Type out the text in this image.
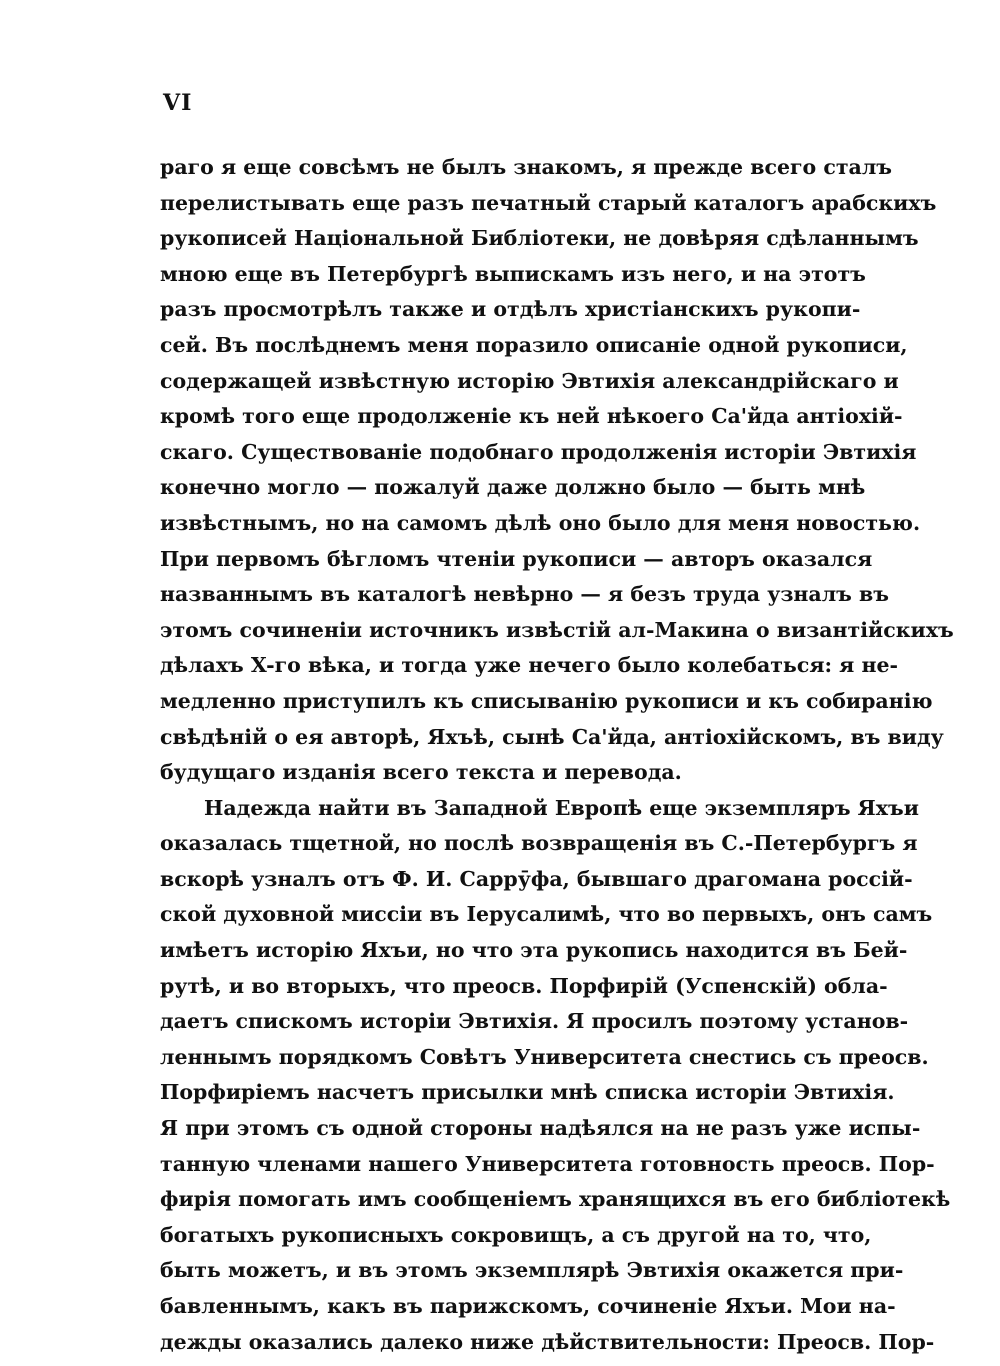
VI
раго я еще совсѣмъ не былъ знакомъ, я прежде всего сталъ
перелистывать еще разъ печатный старый каталогъ арабскихъ
рукописей Національной Библіотеки, не довѣряя сдѣланнымъ
мною еще въ Петербургѣ выпискамъ изъ него, и на этотъ
разъ просмотрѣлъ также и отдѣлъ христіанскихъ рукопи-
сей. Въ послѣднемъ меня поразило описаніе одной рукописи,
содержащей извѣстную исторію Эвтихія александрійскаго и
кромѣ того еще продолженіе къ ней нѣкоего Са'йда антіохій-
скаго. Существованіе подобнаго продолженія исторіи Эвтихія
конечно могло — пожалуй даже должно было — быть мнѣ
извѣстнымъ, но на самомъ дѣлѣ оно было для меня новостью.
При первомъ бѣгломъ чтеніи рукописи — авторъ оказался
названнымъ въ каталогѣ невѣрно — я безъ труда узналъ въ
этомъ сочиненіи источникъ извѣстій ал-Макина о византійскихъ
дѣлахъ X-го вѣка, и тогда уже нечего было колебаться: я не-
медленно приступилъ къ списыванію рукописи и къ собиранію
свѣдѣній о ея авторѣ, Яхъѣ, сынѣ Са'йда, антіохійскомъ, въ виду
будущаго изданія всего текста и перевода.
Надежда найти въ Западной Европѣ еще экземпляръ Яхъи
оказалась тщетной, но послѣ возвращенія въ С.-Петербургъ я
вскорѣ узналъ отъ Ф. И. Саррӯфа, бывшаго драгомана россій-
ской духовной миссіи въ Іерусалимѣ, что во первыхъ, онъ самъ
имѣетъ исторію Яхъи, но что эта рукопись находится въ Бей-
рутѣ, и во вторыхъ, что преосв. Порфирій (Успенскій) обла-
даетъ спискомъ исторіи Эвтихія. Я просилъ поэтому установ-
леннымъ порядкомъ Совѣтъ Университета снестись съ преосв.
Порфиріемъ насчетъ присылки мнѣ списка исторіи Эвтихія.
Я при этомъ съ одной стороны надѣялся на не разъ уже испы-
танную членами нашего Университета готовность преосв. Пор-
фирія помогать имъ сообщеніемъ хранящихся въ его библіотекѣ
богатыхъ рукописныхъ сокровищъ, а съ другой на то, что,
быть можетъ, и въ этомъ экземплярѣ Эвтихія окажется при-
бавленнымъ, какъ въ парижскомъ, сочиненіе Яхъи. Мои на-
дежды оказались далеко ниже дѣйствительности: Преосв. Пор-
